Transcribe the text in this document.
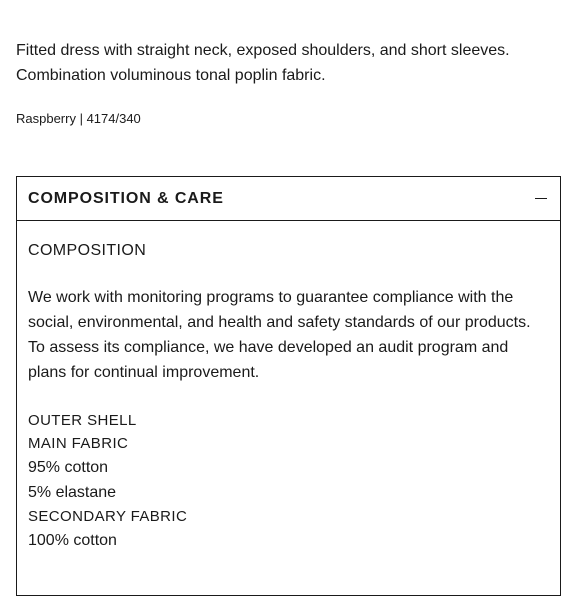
Fitted dress with straight neck, exposed shoulders, and short sleeves.
Combination voluminous tonal poplin fabric.

Raspberry | 4174/340
COMPOSITION & CARE

COMPOSITION

We work with monitoring programs to guarantee compliance with the
social, environmental, and health and safety standards of our products.
To assess its compliance, we have developed an audit program and
plans for continual improvement.
OUTER SHELL
MAIN FABRIC
95% cotton
5% elastane
SECONDARY FABRIC
100% cotton
